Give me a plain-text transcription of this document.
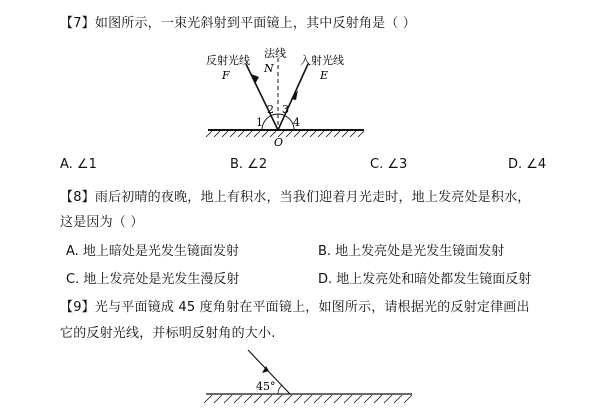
【7】如图所示，一束光斜射到平面镜上，其中反射角是（ ）
反射光线
法线
入射光线
F
N
E
1
2 3
4
O
A. ∠1	B. ∠2	C. ∠3	D. ∠4
【8】雨后初晴的夜晚，地上有积水，当我们迎着月光走时，地上发亮处是积水，
这是因为（ ）
A. 地上暗处是光发生镜面发射	B. 地上发亮处是光发生镜面发射
C. 地上发亮处是光发生漫反射	D. 地上发亮处和暗处都发生镜面反射
【9】光与平面镜成 45 度角射在平面镜上，如图所示，请根据光的反射定律画出
它的反射光线，并标明反射角的大小.
45°
